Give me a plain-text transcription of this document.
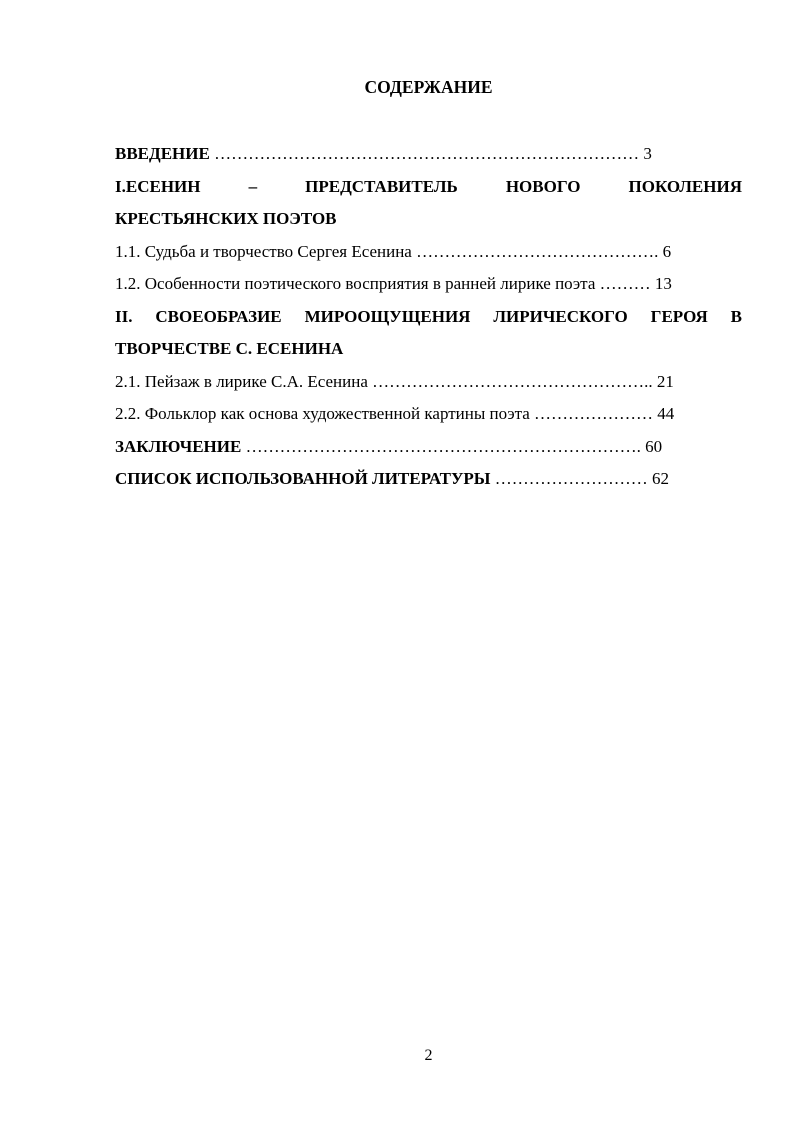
СОДЕРЖАНИЕ
ВВЕДЕНИЕ ………………………………………………………………… 3
I.ЕСЕНИН – ПРЕДСТАВИТЕЛЬ НОВОГО ПОКОЛЕНИЯ
КРЕСТЬЯНСКИХ ПОЭТОВ
1.1. Судьба и творчество Сергея Есенина ……………………………………. 6
1.2. Особенности поэтического восприятия в ранней лирике поэта ……… 13
II. СВОЕОБРАЗИЕ МИРООЩУЩЕНИЯ ЛИРИЧЕСКОГО ГЕРОЯ В
ТВОРЧЕСТВЕ С. ЕСЕНИНА
2.1. Пейзаж в лирике С.А. Есенина ………………………………………….. 21
2.2. Фольклор как основа художественной картины поэта ………………… 44
ЗАКЛЮЧЕНИЕ ……………………………………………………………. 60
СПИСОК ИСПОЛЬЗОВАННОЙ ЛИТЕРАТУРЫ ……………………… 62
2
